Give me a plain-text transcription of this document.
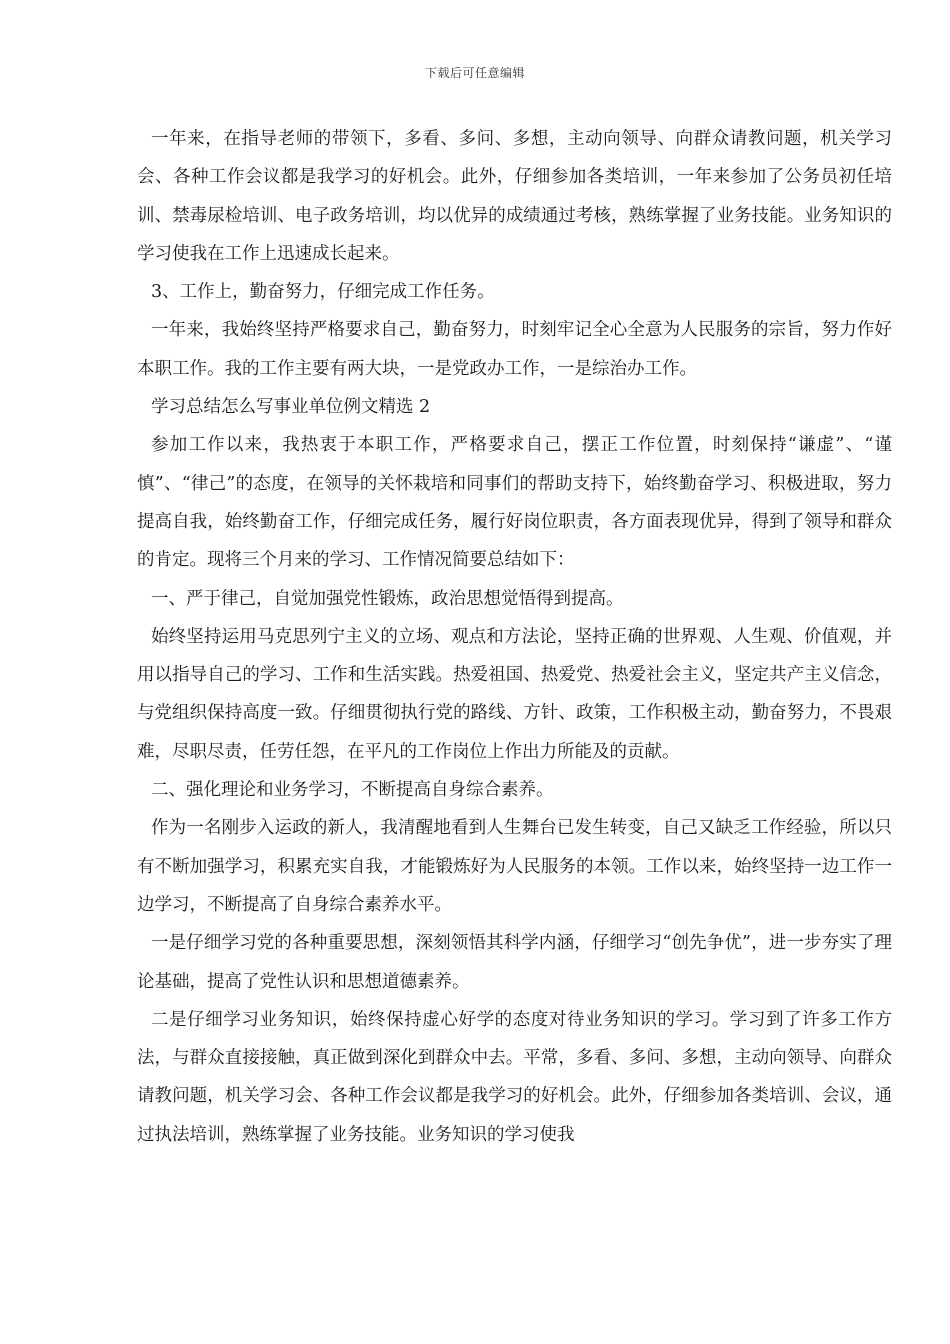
下载后可任意编辑

一年来，在指导老师的带领下，多看、多问、多想，主动向领导、向群众请教问题，机关学习会、各种工作会议都是我学习的好机会。此外，仔细参加各类培训，一年来参加了公务员初任培训、禁毒尿检培训、电子政务培训，均以优异的成绩通过考核，熟练掌握了业务技能。业务知识的学习使我在工作上迅速成长起来。

3、工作上，勤奋努力，仔细完成工作任务。

一年来，我始终坚持严格要求自己，勤奋努力，时刻牢记全心全意为人民服务的宗旨，努力作好本职工作。我的工作主要有两大块，一是党政办工作，一是综治办工作。

学习总结怎么写事业单位例文精选 2

参加工作以来，我热衷于本职工作，严格要求自己，摆正工作位置，时刻保持“谦虚”、“谨慎”、“律己”的态度，在领导的关怀栽培和同事们的帮助支持下，始终勤奋学习、积极进取，努力提高自我，始终勤奋工作，仔细完成任务，履行好岗位职责，各方面表现优异，得到了领导和群众的肯定。现将三个月来的学习、工作情况简要总结如下：

一、严于律己，自觉加强党性锻炼，政治思想觉悟得到提高。

始终坚持运用马克思列宁主义的立场、观点和方法论，坚持正确的世界观、人生观、价值观，并用以指导自己的学习、工作和生活实践。热爱祖国、热爱党、热爱社会主义，坚定共产主义信念，与党组织保持高度一致。仔细贯彻执行党的路线、方针、政策，工作积极主动，勤奋努力，不畏艰难，尽职尽责，任劳任怨，在平凡的工作岗位上作出力所能及的贡献。

二、强化理论和业务学习，不断提高自身综合素养。

作为一名刚步入运政的新人，我清醒地看到人生舞台已发生转变，自己又缺乏工作经验，所以只有不断加强学习，积累充实自我，才能锻炼好为人民服务的本领。工作以来，始终坚持一边工作一边学习，不断提高了自身综合素养水平。

一是仔细学习党的各种重要思想，深刻领悟其科学内涵，仔细学习“创先争优”，进一步夯实了理论基础，提高了党性认识和思想道德素养。

二是仔细学习业务知识，始终保持虚心好学的态度对待业务知识的学习。学习到了许多工作方法，与群众直接接触，真正做到深化到群众中去。平常，多看、多问、多想，主动向领导、向群众请教问题，机关学习会、各种工作会议都是我学习的好机会。此外，仔细参加各类培训、会议，通过执法培训，熟练掌握了业务技能。业务知识的学习使我
